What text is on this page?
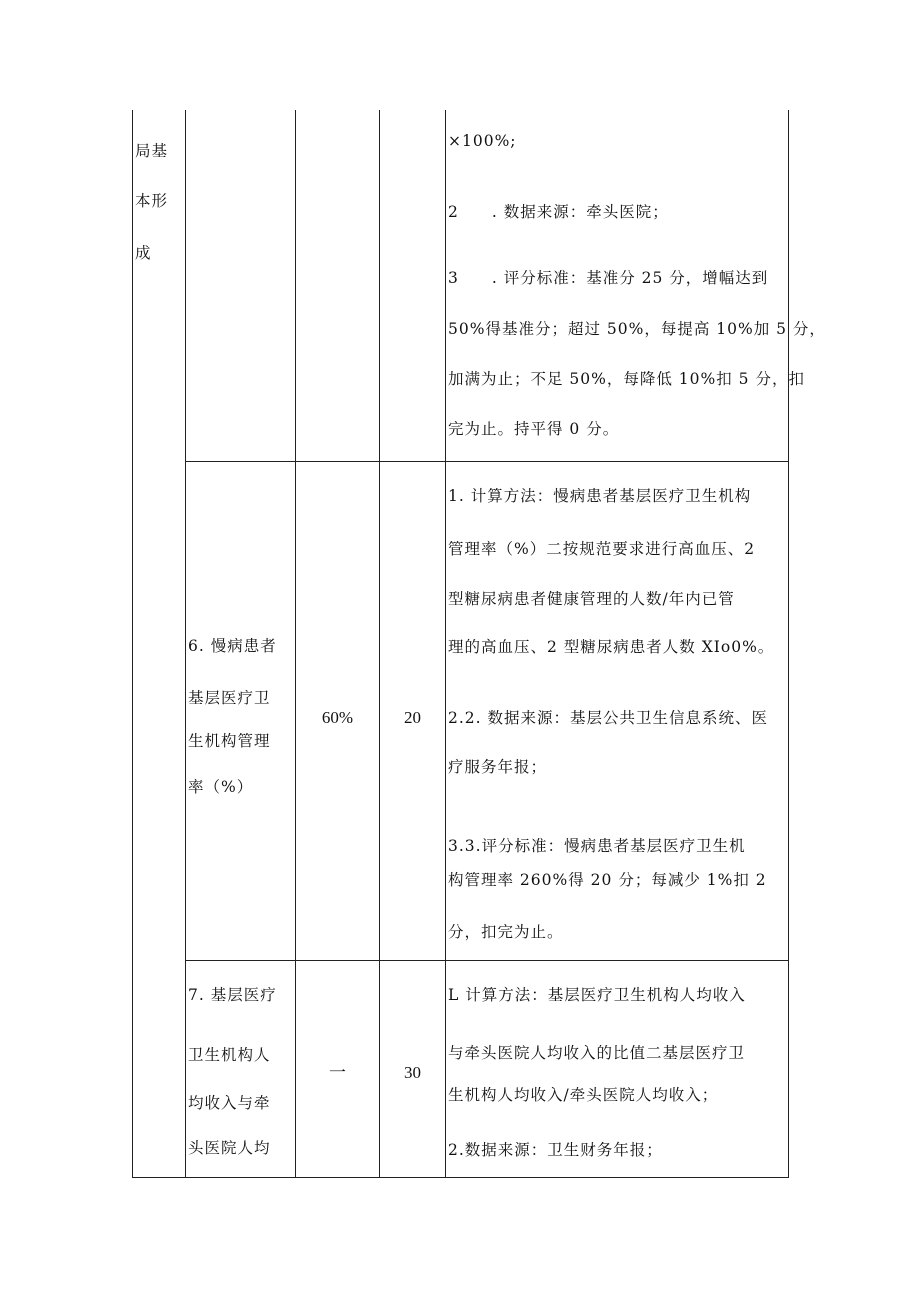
局基
本形
成
×100%;
2　　. 数据来源：牵头医院；
3　　. 评分标准：基准分 25 分，增幅达到
50%得基准分；超过 50%，每提高 10%加 5 分，
加满为止；不足 50%，每降低 10%扣 5 分，扣
完为止。持平得 0 分。
6. 慢病患者
基层医疗卫
生机构管理
率（%）
60%	20
1. 计算方法：慢病患者基层医疗卫生机构
管理率（%）二按规范要求进行高血压、2
型糖尿病患者健康管理的人数/年内已管
理的高血压、2 型糖尿病患者人数 XIo0%。
2.2. 数据来源：基层公共卫生信息系统、医
疗服务年报；
3.3.评分标准：慢病患者基层医疗卫生机
构管理率 260%得 20 分；每减少 1%扣 2
分，扣完为止。
7. 基层医疗
卫生机构人
均收入与牵
头医院人均
一	30
L 计算方法：基层医疗卫生机构人均收入
与牵头医院人均收入的比值二基层医疗卫
生机构人均收入/牵头医院人均收入；
2.数据来源：卫生财务年报；
